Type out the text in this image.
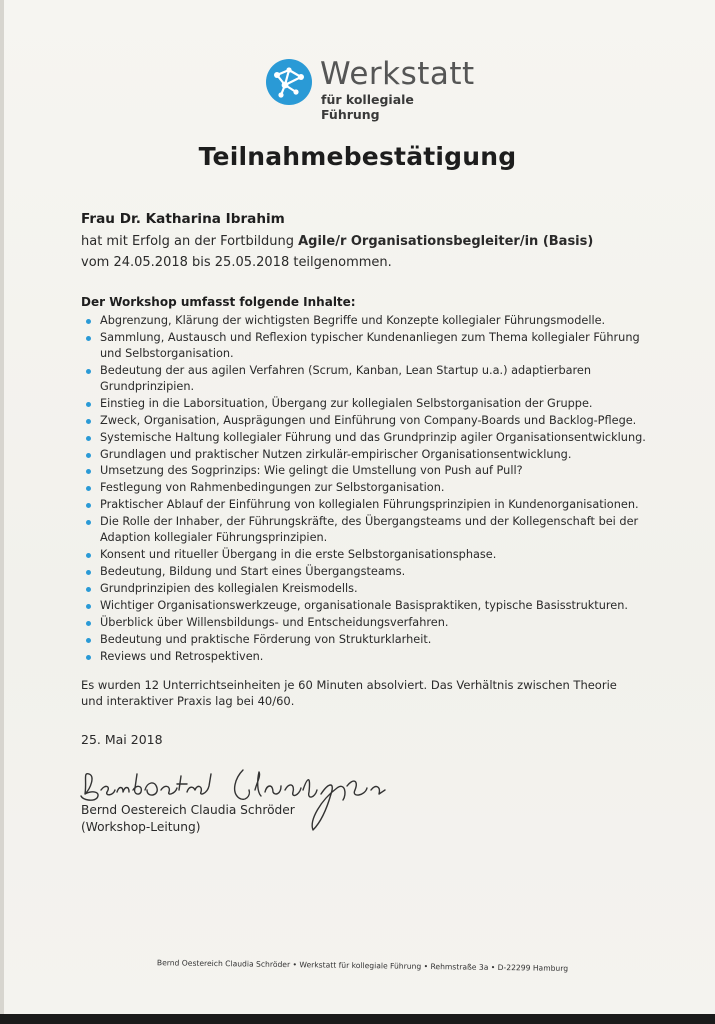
Werkstatt
für kollegiale Führung
Teilnahmebestätigung
Frau Dr. Katharina Ibrahim
hat mit Erfolg an der Fortbildung Agile/r Organisationsbegleiter/in (Basis)
vom 24.05.2018 bis 25.05.2018 teilgenommen.
Der Workshop umfasst folgende Inhalte:
Abgrenzung, Klärung der wichtigsten Begriffe und Konzepte kollegialer Führungsmodelle.
Sammlung, Austausch und Reflexion typischer Kundenanliegen zum Thema kollegialer Führung und Selbstorganisation.
Bedeutung der aus agilen Verfahren (Scrum, Kanban, Lean Startup u.a.) adaptierbaren Grundprinzipien.
Einstieg in die Laborsituation, Übergang zur kollegialen Selbstorganisation der Gruppe.
Zweck, Organisation, Ausprägungen und Einführung von Company-Boards und Backlog-Pflege.
Systemische Haltung kollegialer Führung und das Grundprinzip agiler Organisationsentwicklung.
Grundlagen und praktischer Nutzen zirkulär-empirischer Organisationsentwicklung.
Umsetzung des Sogprinzips: Wie gelingt die Umstellung von Push auf Pull?
Festlegung von Rahmenbedingungen zur Selbstorganisation.
Praktischer Ablauf der Einführung von kollegialen Führungsprinzipien in Kundenorganisationen.
Die Rolle der Inhaber, der Führungskräfte, des Übergangsteams und der Kollegenschaft bei der Adaption kollegialer Führungsprinzipien.
Konsent und ritueller Übergang in die erste Selbstorganisationsphase.
Bedeutung, Bildung und Start eines Übergangsteams.
Grundprinzipien des kollegialen Kreismodells.
Wichtiger Organisationswerkzeuge, organisationale Basispraktiken, typische Basisstrukturen.
Überblick über Willensbildungs- und Entscheidungsverfahren.
Bedeutung und praktische Förderung von Strukturklarheit.
Reviews und Retrospektiven.
Es wurden 12 Unterrichtseinheiten je 60 Minuten absolviert. Das Verhältnis zwischen Theorie und interaktiver Praxis lag bei 40/60.
25. Mai 2018
Bernd Oestereich Claudia Schröder
(Workshop-Leitung)
Bernd Oestereich Claudia Schröder • Werkstatt für kollegiale Führung • Rehmstraße 3a • D-22299 Hamburg
